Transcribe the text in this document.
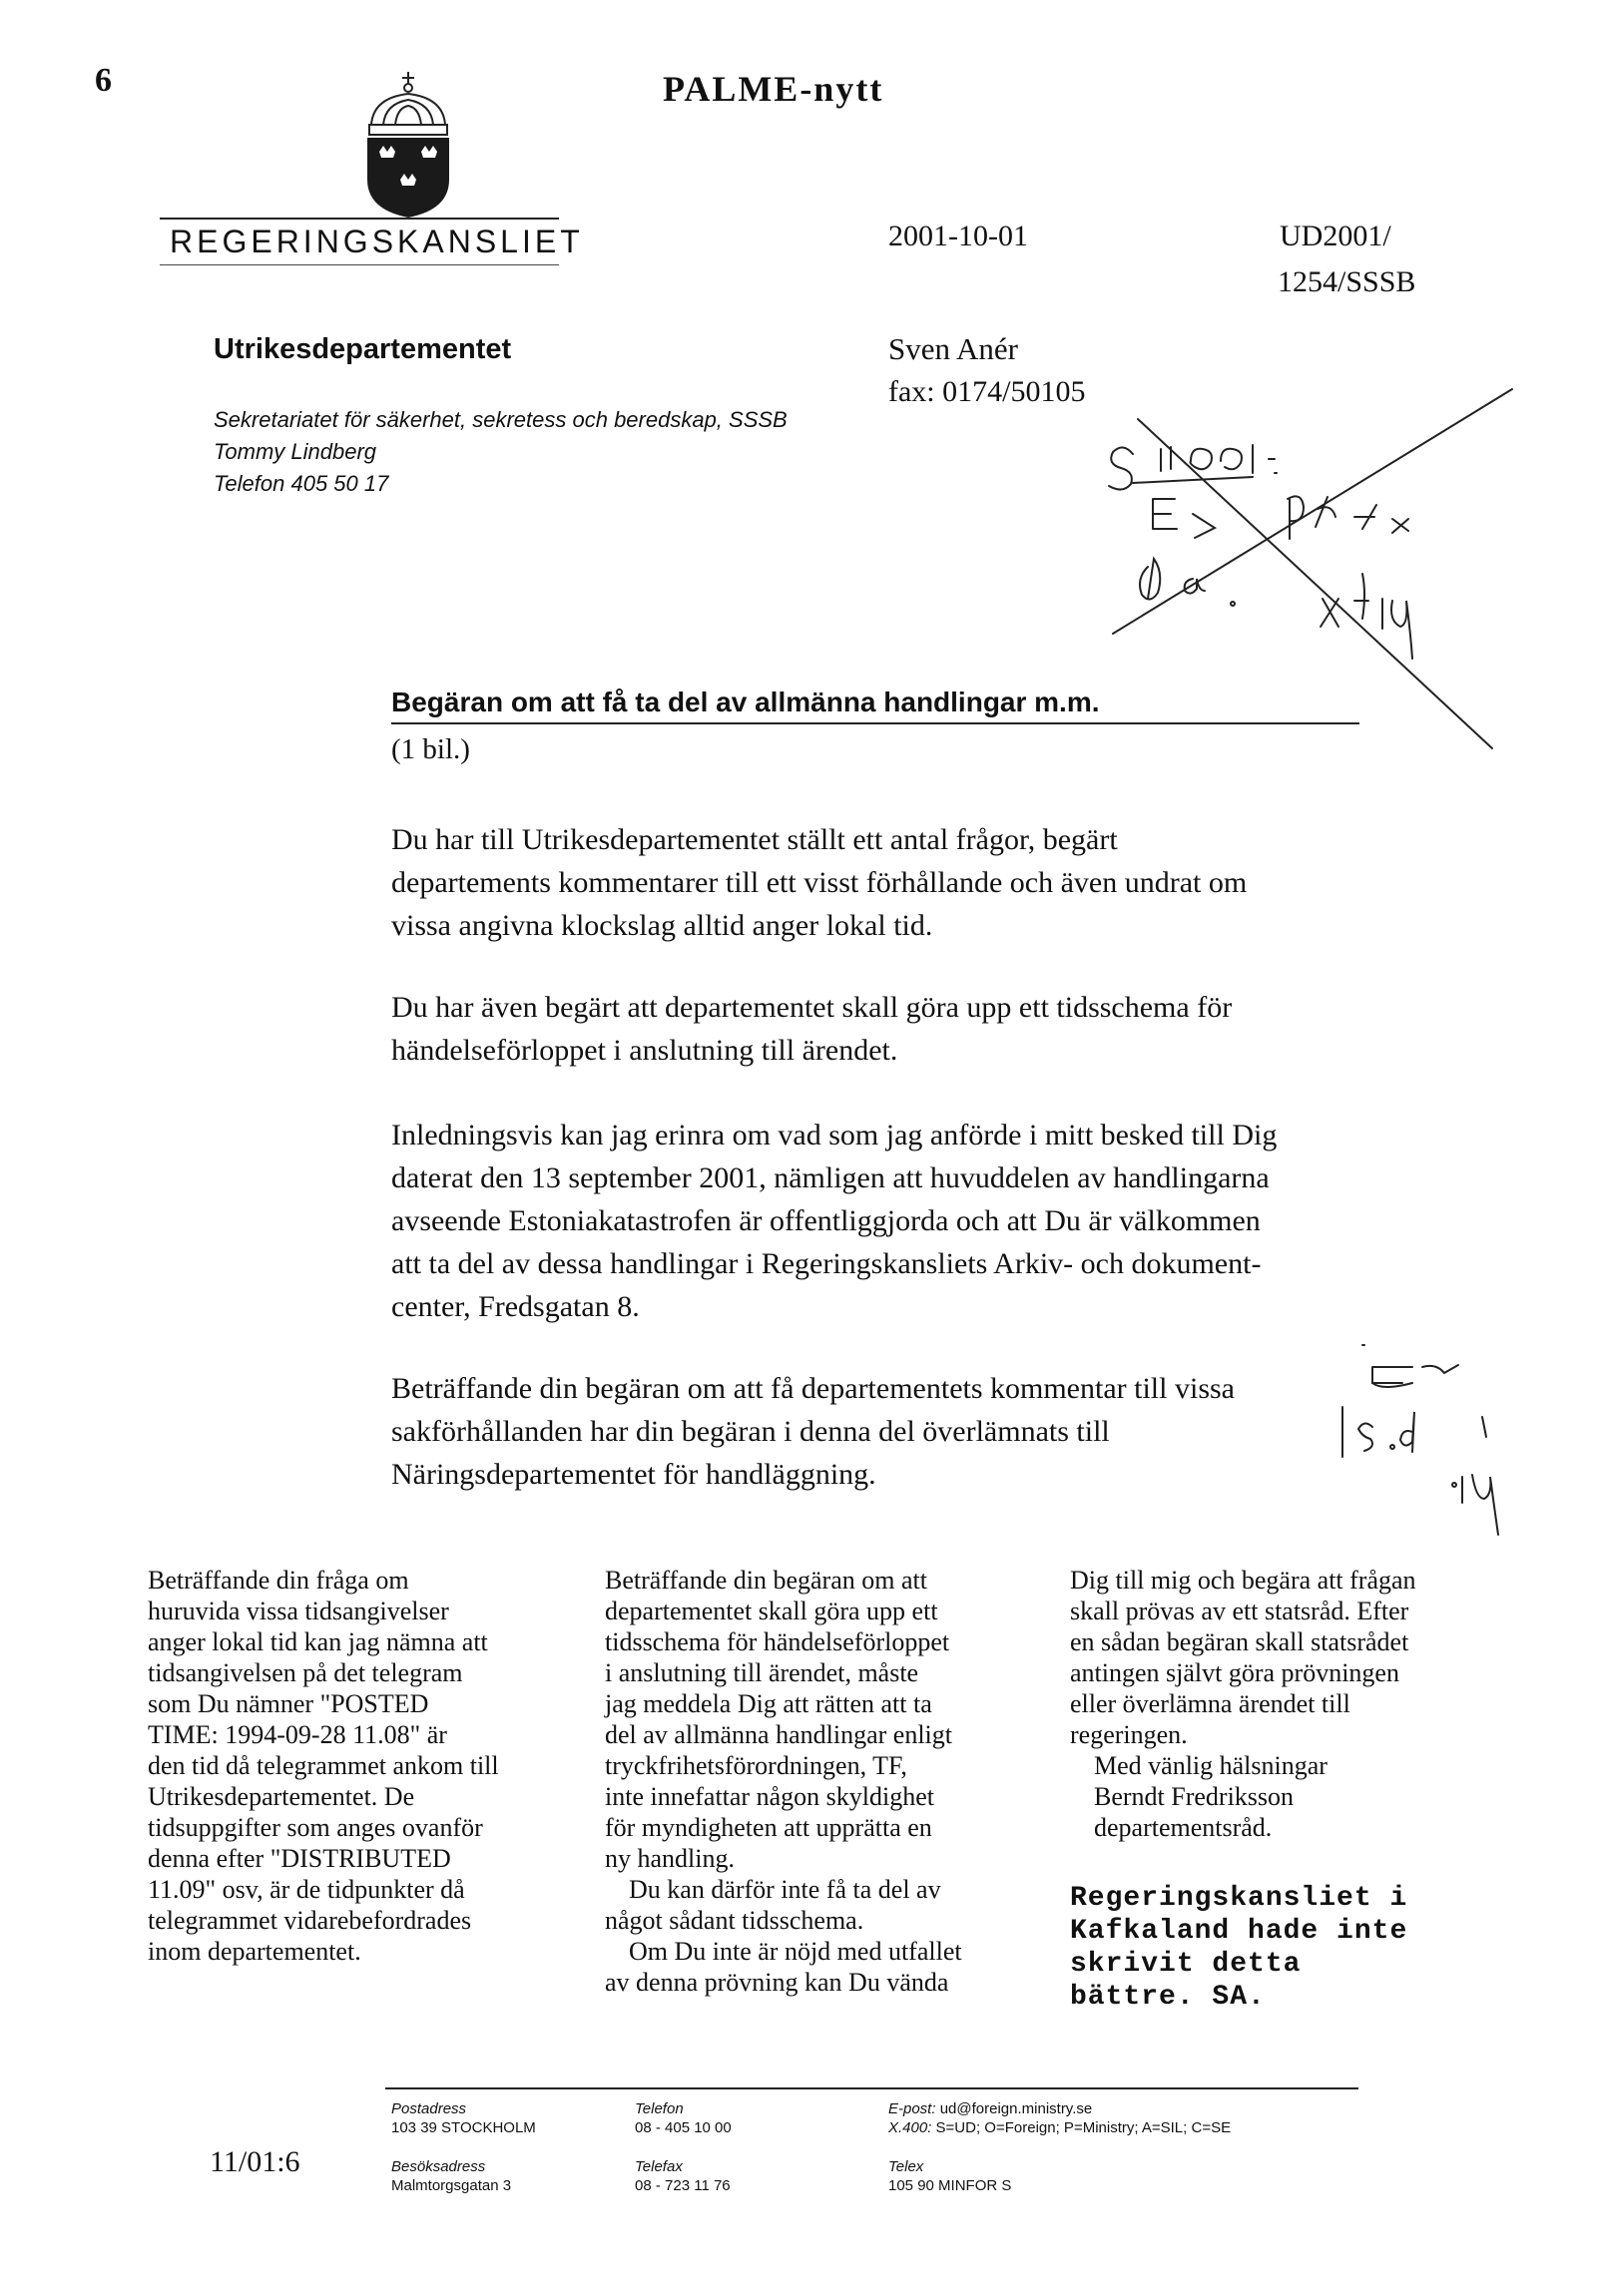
6	PALME-nytt
REGERINGSKANSLIET	2001-10-01	UD2001/
1254/SSSB
Utrikesdepartementet
Sekretariatet för säkerhet, sekretess och beredskap, SSSB
Tommy Lindberg
Telefon 405 50 17
Sven Anér
fax: 0174/50105
Begäran om att få ta del av allmänna handlingar m.m.
(1 bil.)
Du har till Utrikesdepartementet ställt ett antal frågor, begärt
departements kommentarer till ett visst förhållande och även undrat om
vissa angivna klockslag alltid anger lokal tid.
Du har även begärt att departementet skall göra upp ett tidsschema för
händelseförloppet i anslutning till ärendet.
Inledningsvis kan jag erinra om vad som jag anförde i mitt besked till Dig
daterat den 13 september 2001, nämligen att huvuddelen av handlingarna
avseende Estoniakatastrofen är offentliggjorda och att Du är välkommen
att ta del av dessa handlingar i Regeringskansliets Arkiv- och dokument-
center, Fredsgatan 8.
Beträffande din begäran om att få departementets kommentar till vissa
sakförhållanden har din begäran i denna del överlämnats till
Näringsdepartementet för handläggning.
Beträffande din fråga om
huruvida vissa tidsangivelser
anger lokal tid kan jag nämna att
tidsangivelsen på det telegram
som Du nämner "POSTED
TIME: 1994-09-28 11.08" är
den tid då telegrammet ankom till
Utrikesdepartementet. De
tidsuppgifter som anges ovanför
denna efter "DISTRIBUTED
11.09" osv, är de tidpunkter då
telegrammet vidarebefordrades
inom departementet.
Beträffande din begäran om att
departementet skall göra upp ett
tidsschema för händelseförloppet
i anslutning till ärendet, måste
jag meddela Dig att rätten att ta
del av allmänna handlingar enligt
tryckfrihetsförordningen, TF,
inte innefattar någon skyldighet
för myndigheten att upprätta en
ny handling.
Du kan därför inte få ta del av
något sådant tidsschema.
Om Du inte är nöjd med utfallet
av denna prövning kan Du vända
Dig till mig och begära att frågan
skall prövas av ett statsråd. Efter
en sådan begäran skall statsrådet
antingen självt göra prövningen
eller överlämna ärendet till
regeringen.
Med vänlig hälsningar
Berndt Fredriksson
departementsråd.
Regeringskansliet i
Kafkaland hade inte
skrivit detta
bättre. SA.
Postadress
103 39 STOCKHOLM
Besöksadress
Malmtorgsgatan 3
Telefon
08 - 405 10 00
Telefax
08 - 723 11 76
E-post: ud@foreign.ministry.se
X.400: S=UD; O=Foreign; P=Ministry; A=SIL; C=SE
Telex
105 90 MINFOR S
11/01:6
